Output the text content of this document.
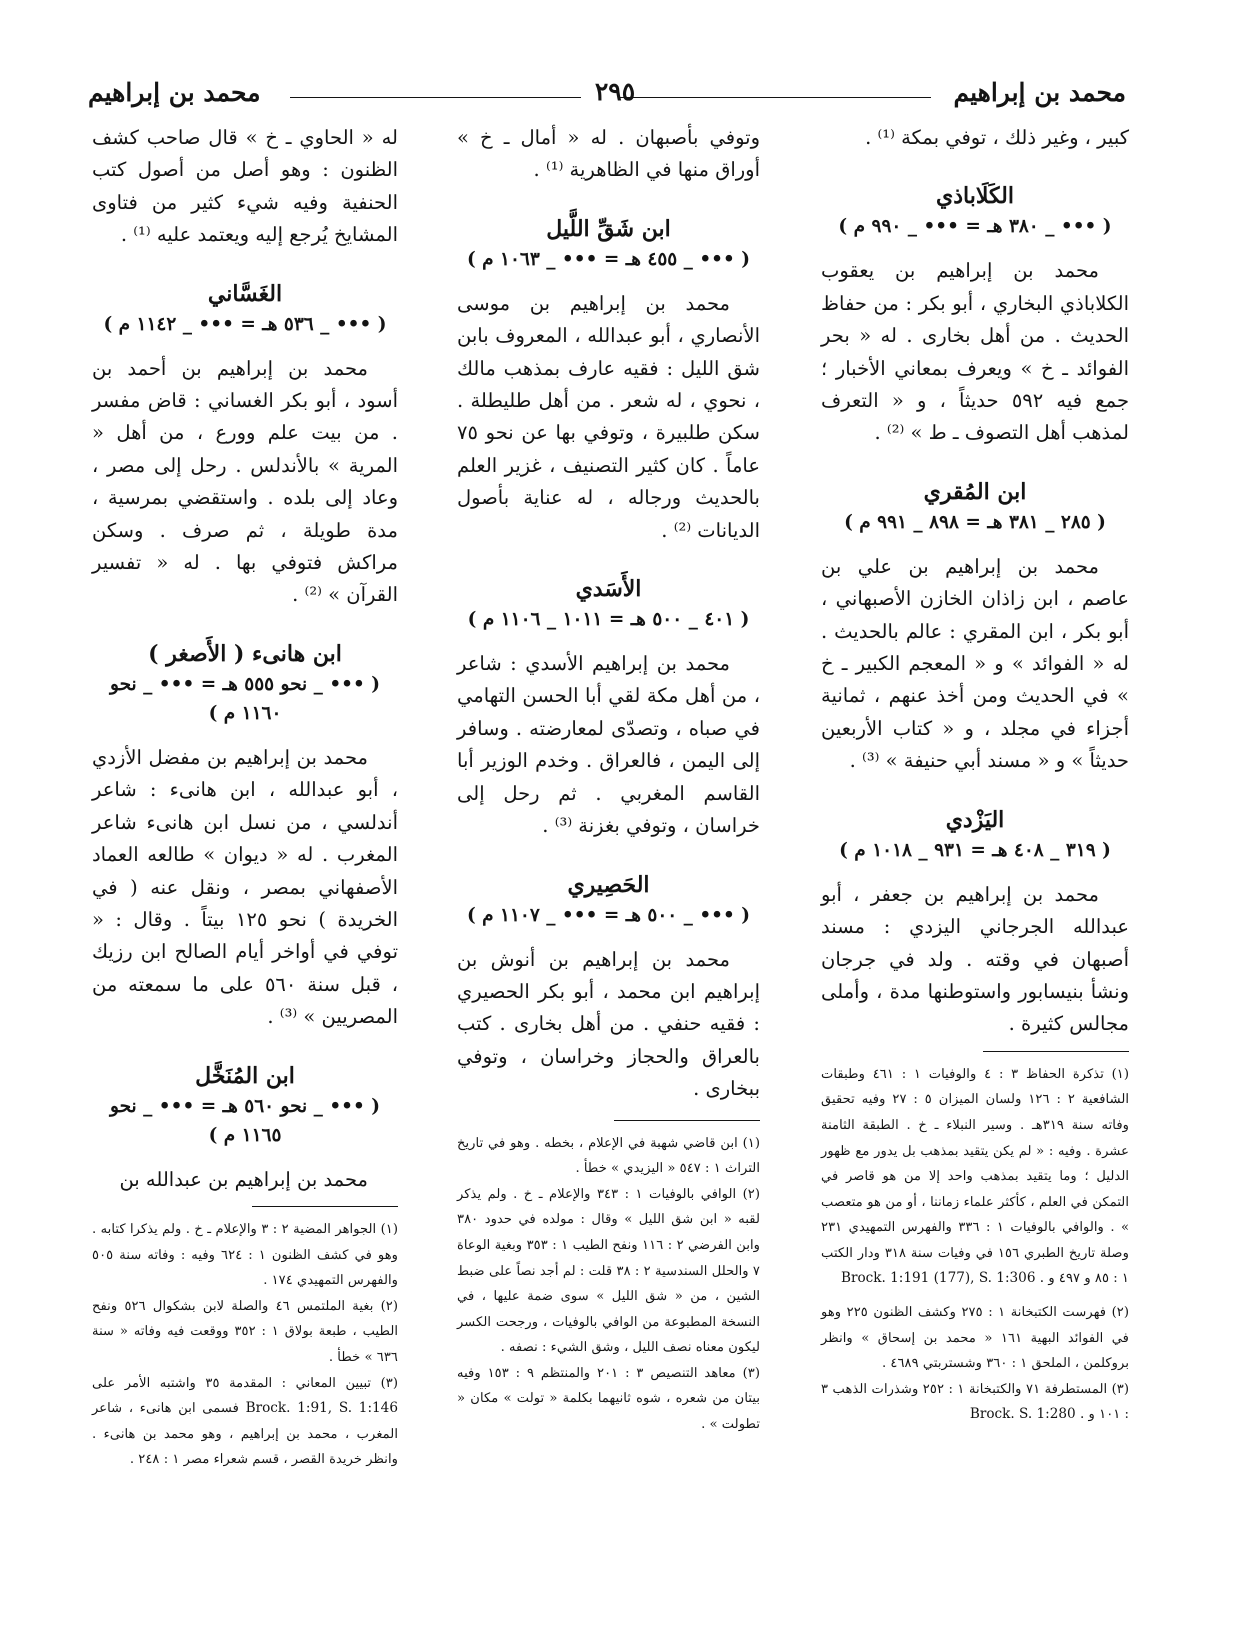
محمد بن إبراهيم
٢٩٥
محمد بن إبراهيم

كبير ، وغير ذلك ، توفي بمكة ⁽¹⁾ .

الكَلَاباذي

( ••• _ ٣٨٠ هـ = ••• _ ٩٩٠ م )

محمد بن إبراهيم بن يعقوب الكلاباذي البخاري ، أبو بكر : من حفاظ الحديث . من أهل بخارى . له « بحر الفوائد ـ خ » ويعرف بمعاني الأخبار ؛ جمع فيه ٥٩٢ حديثاً ، و « التعرف لمذهب أهل التصوف ـ ط » ⁽²⁾ .

ابن المُقري

( ٢٨٥ _ ٣٨١ هـ = ٨٩٨ _ ٩٩١ م )

محمد بن إبراهيم بن علي بن عاصم ، ابن زاذان الخازن الأصبهاني ، أبو بكر ، ابن المقري : عالم بالحديث . له « الفوائد » و « المعجم الكبير ـ خ » في الحديث ومن أخذ عنهم ، ثمانية أجزاء في مجلد ، و « كتاب الأربعين حديثاً » و « مسند أبي حنيفة » ⁽³⁾ .

اليَزْدي

( ٣١٩ _ ٤٠٨ هـ = ٩٣١ _ ١٠١٨ م )

محمد بن إبراهيم بن جعفر ، أبو عبدالله الجرجاني اليزدي : مسند أصبهان في وقته . ولد في جرجان ونشأ بنيسابور واستوطنها مدة ، وأملى مجالس كثيرة .

(١) تذكرة الحفاظ ٣ : ٤ والوفيات ١ : ٤٦١ وطبقات الشافعية ٢ : ١٢٦ ولسان الميزان ٥ : ٢٧ وفيه تحقيق وفاته سنة ٣١٩هـ . وسير النبلاء ـ خ . الطبقة الثامنة عشرة . وفيه : « لم يكن يتقيد بمذهب بل يدور مع ظهور الدليل ؛ وما يتقيد بمذهب واحد إلا من هو قاصر في التمكن في العلم ، كأكثر علماء زماننا ، أو من هو متعصب » . والوافي بالوفيات ١ : ٣٣٦ والفهرس التمهيدي ٢٣١ وصلة تاريخ الطبري ١٥٦ في وفيات سنة ٣١٨ ودار الكتب ١ : ٨٥ و ٤٩٧ و Brock. 1:191 (177), S. 1:306 .

(٢) فهرست الكتبخانة ١ : ٢٧٥ وكشف الظنون ٢٢٥ وهو في الفوائد البهية ١٦١ « محمد بن إسحاق » وانظر بروكلمن ، الملحق ١ : ٣٦٠ وشستربتي ٤٦٨٩ .

(٣) المستطرفة ٧١ والكتبخانة ١ : ٢٥٢ وشذرات الذهب ٣ : ١٠١ و Brock. S. 1:280 .

وتوفي بأصبهان . له « أمال ـ خ » أوراق منها في الظاهرية ⁽¹⁾ .

ابن شَقِّ اللَّيل

( ••• _ ٤٥٥ هـ = ••• _ ١٠٦٣ م )

محمد بن إبراهيم بن موسى الأنصاري ، أبو عبدالله ، المعروف بابن شق الليل : فقيه عارف بمذهب مالك ، نحوي ، له شعر . من أهل طليطلة . سكن طلبيرة ، وتوفي بها عن نحو ٧٥ عاماً . كان كثير التصنيف ، غزير العلم بالحديث ورجاله ، له عناية بأصول الديانات ⁽²⁾ .

الأَسَدي

( ٤٠١ _ ٥٠٠ هـ = ١٠١١ _ ١١٠٦ م )

محمد بن إبراهيم الأسدي : شاعر ، من أهل مكة لقي أبا الحسن التهامي في صباه ، وتصدّى لمعارضته . وسافر إلى اليمن ، فالعراق . وخدم الوزير أبا القاسم المغربي . ثم رحل إلى خراسان ، وتوفي بغزنة ⁽³⁾ .

الحَصِيري

( ••• _ ٥٠٠ هـ = ••• _ ١١٠٧ م )

محمد بن إبراهيم بن أنوش بن إبراهيم ابن محمد ، أبو بكر الحصيري : فقيه حنفي . من أهل بخارى . كتب بالعراق والحجاز وخراسان ، وتوفي ببخارى .

(١) ابن قاضي شهبة في الإعلام ، بخطه . وهو في تاريخ التراث ١ : ٥٤٧ « اليزيدي » خطأ .

(٢) الوافي بالوفيات ١ : ٣٤٣ والإعلام ـ خ . ولم يذكر لقبه « ابن شق الليل » وقال : مولده في حدود ٣٨٠ وابن الفرضي ٢ : ١١٦ ونفح الطيب ١ : ٣٥٣ وبغية الوعاة ٧ والحلل السندسية ٢ : ٣٨ قلت : لم أجد نصاً على ضبط الشين ، من « شق الليل » سوى ضمة عليها ، في النسخة المطبوعة من الوافي بالوفيات ، ورجحت الكسر ليكون معناه نصف الليل ، وشق الشيء : نصفه .

(٣) معاهد التنصيص ٣ : ٢٠١ والمنتظم ٩ : ١٥٣ وفيه بيتان من شعره ، شوه ثانيهما بكلمة « تولت » مكان « تطولت » .

له « الحاوي ـ خ » قال صاحب كشف الظنون : وهو أصل من أصول كتب الحنفية وفيه شيء كثير من فتاوى المشايخ يُرجع إليه ويعتمد عليه ⁽¹⁾ .

الغَسَّاني

( ••• _ ٥٣٦ هـ = ••• _ ١١٤٢ م )

محمد بن إبراهيم بن أحمد بن أسود ، أبو بكر الغساني : قاض مفسر . من بيت علم وورع ، من أهل « المرية » بالأندلس . رحل إلى مصر ، وعاد إلى بلده . واستقضي بمرسية ، مدة طويلة ، ثم صرف . وسكن مراكش فتوفي بها . له « تفسير القرآن » ⁽²⁾ .

ابن هانىء ( الأَصغر )

( ••• _ نحو ٥٥٥ هـ = ••• _ نحو

١١٦٠ م )

محمد بن إبراهيم بن مفضل الأزدي ، أبو عبدالله ، ابن هانىء : شاعر أندلسي ، من نسل ابن هانىء شاعر المغرب . له « ديوان » طالعه العماد الأصفهاني بمصر ، ونقل عنه ( في الخريدة ) نحو ١٢٥ بيتاً . وقال : « توفي في أواخر أيام الصالح ابن رزيك ، قبل سنة ٥٦٠ على ما سمعته من المصريين » ⁽³⁾ .

ابن المُنَخَّل

( ••• _ نحو ٥٦٠ هـ = ••• _ نحو

١١٦٥ م )

محمد بن إبراهيم بن عبدالله بن

(١) الجواهر المضية ٢ : ٣ والإعلام ـ خ . ولم يذكرا كتابه . وهو في كشف الظنون ١ : ٦٢٤ وفيه : وفاته سنة ٥٠٥ والفهرس التمهيدي ١٧٤ .

(٢) بغية الملتمس ٤٦ والصلة لابن بشكوال ٥٢٦ ونفح الطيب ، طبعة بولاق ١ : ٣٥٢ ووقعت فيه وفاته « سنة ٦٣٦ » خطأ .

(٣) تبيين المعاني : المقدمة ٣٥ واشتبه الأمر على Brock. 1:91, S. 1:146 فسمى ابن هانىء ، شاعر المغرب ، محمد بن إبراهيم ، وهو محمد بن هانىء . وانظر خريدة القصر ، قسم شعراء مصر ١ : ٢٤٨ .
